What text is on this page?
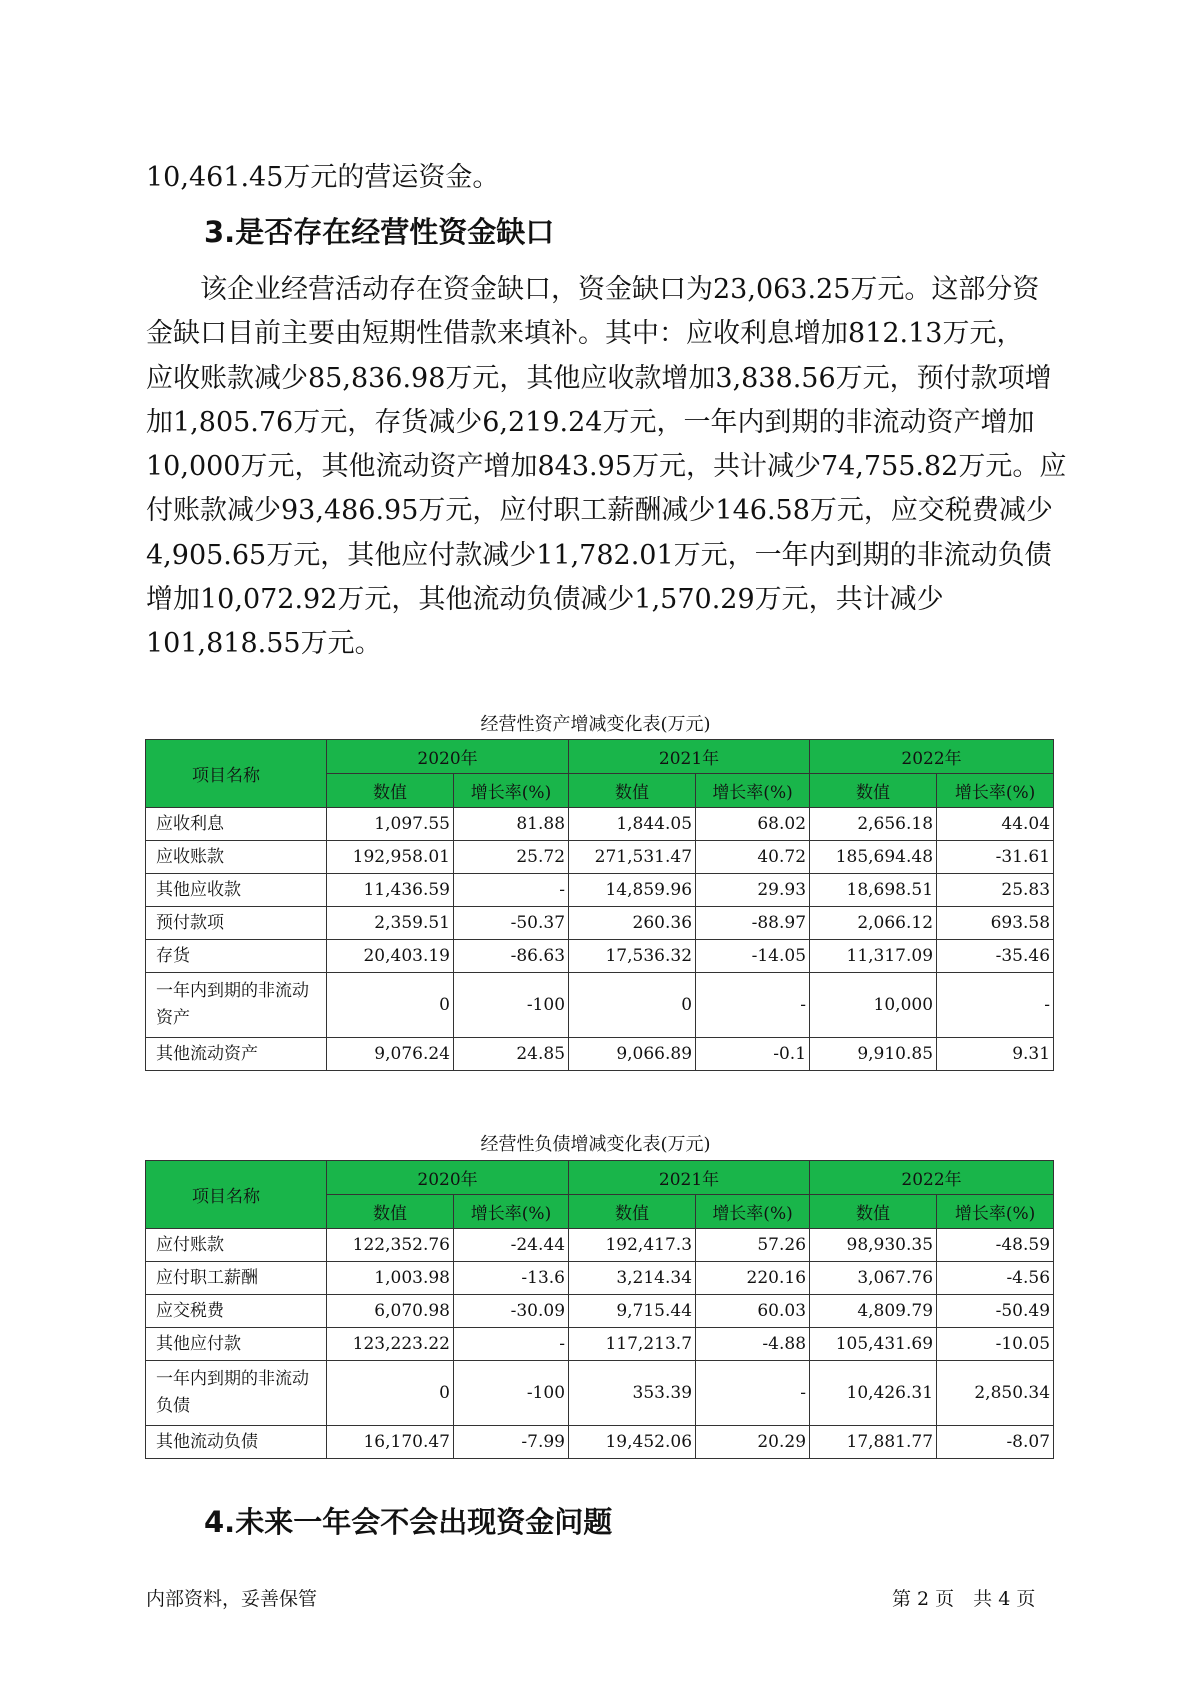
10,461.45万元的营运资金。

3.是否存在经营性资金缺口
　　该企业经营活动存在资金缺口，资金缺口为23,063.25万元。这部分资
金缺口目前主要由短期性借款来填补。其中：应收利息增加812.13万元，
应收账款减少85,836.98万元，其他应收款增加3,838.56万元，预付款项增
加1,805.76万元，存货减少6,219.24万元，一年内到期的非流动资产增加
10,000万元，其他流动资产增加843.95万元，共计减少74,755.82万元。应
付账款减少93,486.95万元，应付职工薪酬减少146.58万元，应交税费减少
4,905.65万元，其他应付款减少11,782.01万元，一年内到期的非流动负债
增加10,072.92万元，其他流动负债减少1,570.29万元，共计减少
101,818.55万元。

经营性资产增减变化表(万元)

项目名称	2020年		2021年		2022年	
	数值	增长率(%)	数值	增长率(%)	数值	增长率(%)
应收利息	1,097.55	81.88	1,844.05	68.02	2,656.18	44.04
应收账款	192,958.01	25.72	271,531.47	40.72	185,694.48	-31.61
其他应收款	11,436.59	-	14,859.96	29.93	18,698.51	25.83
预付款项	2,359.51	-50.37	260.36	-88.97	2,066.12	693.58
存货	20,403.19	-86.63	17,536.32	-14.05	11,317.09	-35.46
一年内到期的非流动资产	0	-100	0	-	10,000	-
其他流动资产	9,076.24	24.85	9,066.89	-0.1	9,910.85	9.31

经营性负债增减变化表(万元)

项目名称	2020年		2021年		2022年	
	数值	增长率(%)	数值	增长率(%)	数值	增长率(%)
应付账款	122,352.76	-24.44	192,417.3	57.26	98,930.35	-48.59
应付职工薪酬	1,003.98	-13.6	3,214.34	220.16	3,067.76	-4.56
应交税费	6,070.98	-30.09	9,715.44	60.03	4,809.79	-50.49
其他应付款	123,223.22	-	117,213.7	-4.88	105,431.69	-10.05
一年内到期的非流动负债	0	-100	353.39	-	10,426.31	2,850.34
其他流动负债	16,170.47	-7.99	19,452.06	20.29	17,881.77	-8.07
4.未来一年会不会出现资金问题
内部资料，妥善保管	第 2 页　共 4 页
